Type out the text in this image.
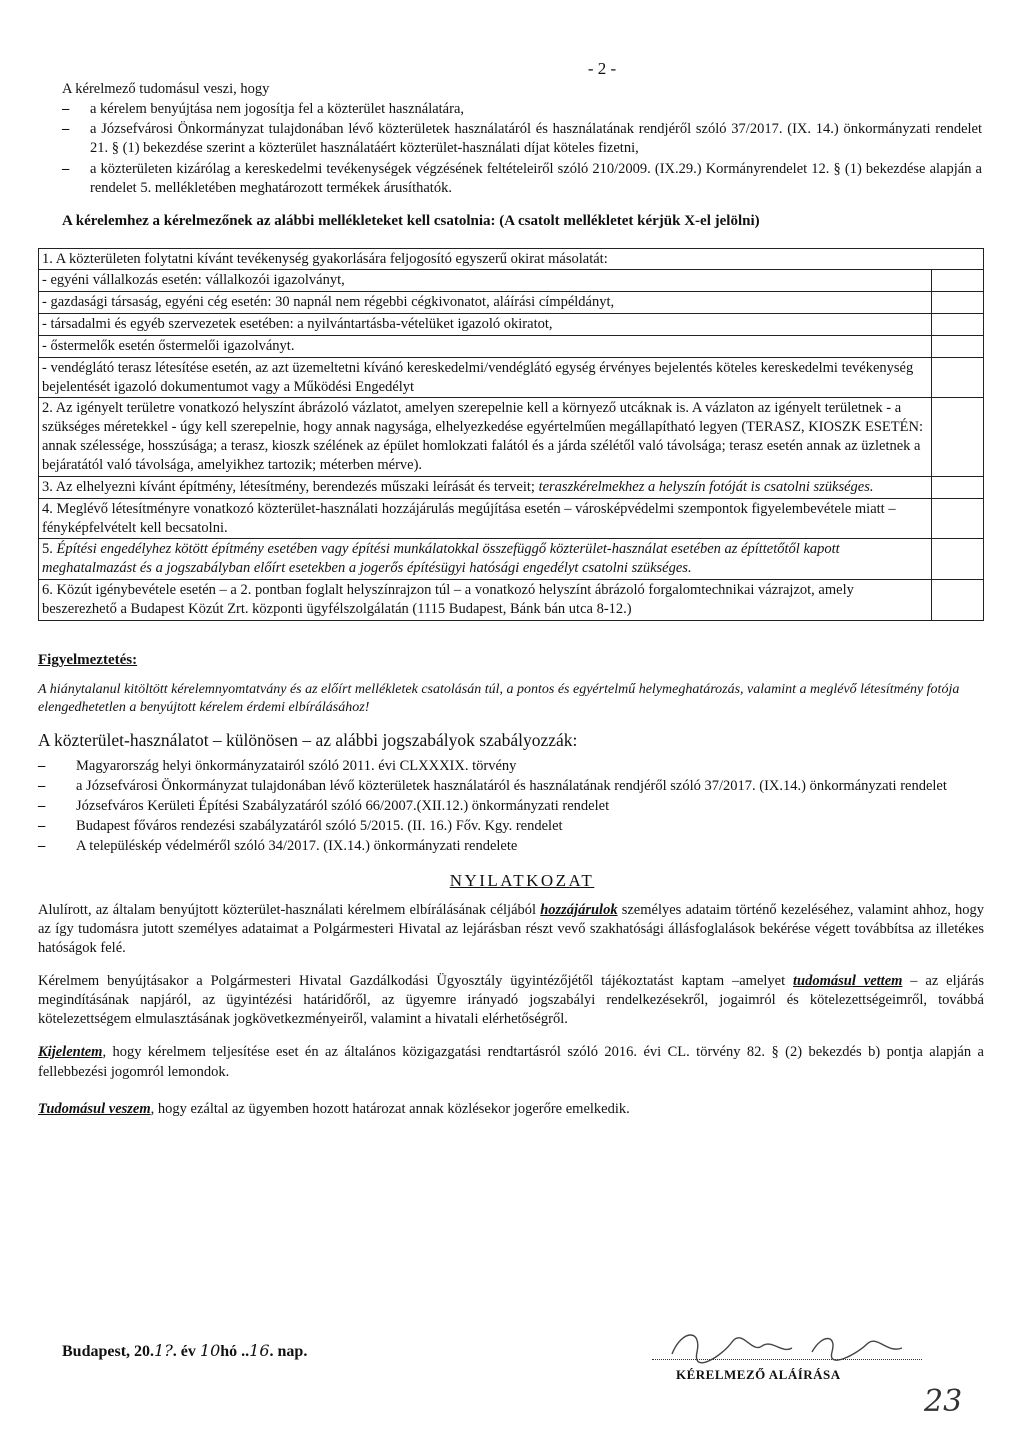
- 2 -

A kérelmező tudomásul veszi, hogy

– a kérelem benyújtása nem jogosítja fel a közterület használatára,
– a Józsefvárosi Önkormányzat tulajdonában lévő közterületek használatáról és használatának rendjéről szóló 37/2017. (IX. 14.) önkormányzati rendelet 21. § (1) bekezdése szerint a közterület használatáért közterület-használati díjat köteles fizetni,
– a közterületen kizárólag a kereskedelmi tevékenységek végzésének feltételeiről szóló 210/2009. (IX.29.) Kormányrendelet 12. § (1) bekezdése alapján a rendelet 5. mellékletében meghatározott termékek árusíthatók.

A kérelemhez a kérelmezőnek az alábbi mellékleteket kell csatolnia: (A csatolt mellékletet kérjük X-el jelölni)

1. A közterületen folytatni kívánt tevékenység gyakorlására feljogosító egyszerű okirat másolatát:	
- egyéni vállalkozás esetén: vállalkozói igazolványt,	
- gazdasági társaság, egyéni cég esetén: 30 napnál nem régebbi cégkivonatot, aláírási címpéldányt,	
- társadalmi és egyéb szervezetek esetében: a nyilvántartásba-vételüket igazoló okiratot,	
- őstermelők esetén őstermelői igazolványt.	
- vendéglátó terasz létesítése esetén, az azt üzemeltetni kívánó kereskedelmi/vendéglátó egység érvényes bejelentés köteles kereskedelmi tevékenység bejelentését igazoló dokumentumot vagy a Működési Engedélyt	
2. Az igényelt területre vonatkozó helyszínt ábrázoló vázlatot, amelyen szerepelnie kell a környező utcáknak is. A vázlaton az igényelt területnek - a szükséges méretekkel - úgy kell szerepelnie, hogy annak nagysága, elhelyezkedése egyértelműen megállapítható legyen (TERASZ, KIOSZK ESETÉN: annak szélessége, hosszúsága; a terasz, kioszk szélének az épület homlokzati falától és a járda szélétől való távolsága; terasz esetén annak az üzletnek a bejáratától való távolsága, amelyikhez tartozik; méterben mérve).	
3. Az elhelyezni kívánt építmény, létesítmény, berendezés műszaki leírását és terveit; teraszkérelmekhez a helyszín fotóját is csatolni szükséges.	
4. Meglévő létesítményre vonatkozó közterület-használati hozzájárulás megújítása esetén – városképvédelmi szempontok figyelembevétele miatt – fényképfelvételt kell becsatolni.	
5. Építési engedélyhez kötött építmény esetében vagy építési munkálatokkal összefüggő közterület-használat esetében az építtetőtől kapott meghatalmazást és a jogszabályban előírt esetekben a jogerős építésügyi hatósági engedélyt csatolni szükséges.	
6. Közút igénybevétele esetén – a 2. pontban foglalt helyszínrajzon túl – a vonatkozó helyszínt ábrázoló forgalomtechnikai vázrajzot, amely beszerezhető a Budapest Közút Zrt. központi ügyfélszolgálatán (1115 Budapest, Bánk bán utca 8-12.)	

Figyelmeztetés:

A hiánytalanul kitöltött kérelemnyomtatvány és az előírt mellékletek csatolásán túl, a pontos és egyértelmű helymeghatározás, valamint a meglévő létesítmény fotója elengedhetetlen a benyújtott kérelem érdemi elbírálásához!

A közterület-használatot – különösen – az alábbi jogszabályok szabályozzák:

– Magyarország helyi önkormányzatairól szóló 2011. évi CLXXXIX. törvény
– a Józsefvárosi Önkormányzat tulajdonában lévő közterületek használatáról és használatának rendjéről szóló 37/2017. (IX.14.) önkormányzati rendelet
– Józsefváros Kerületi Építési Szabályzatáról szóló 66/2007.(XII.12.) önkormányzati rendelet
– Budapest főváros rendezési szabályzatáról szóló 5/2015. (II. 16.) Főv. Kgy. rendelet
– A településkép védelméről szóló 34/2017. (IX.14.) önkormányzati rendelete

NYILATKOZAT

Alulírott, az általam benyújtott közterület-használati kérelmem elbírálásának céljából hozzájárulok személyes adataim történő kezeléséhez, valamint ahhoz, hogy az így tudomásra jutott személyes adataimat a Polgármesteri Hivatal az lejárásban részt vevő szakhatósági állásfoglalások bekérése végett továbbítsa az illetékes hatóságok felé.

Kérelmem benyújtásakor a Polgármesteri Hivatal Gazdálkodási Ügyosztály ügyintézőjétől tájékoztatást kaptam –amelyet tudomásul vettem – az eljárás megindításának napjáról, az ügyintézési határidőről, az ügyemre irányadó jogszabályi rendelkezésekről, jogaimról és kötelezettségeimről, továbbá kötelezettségem elmulasztásának jogkövetkezményeiről, valamint a hivatali elérhetőségről.

Kijelentem, hogy kérelmem teljesítése eset én az általános közigazgatási rendtartásról szóló 2016. évi CL. törvény 82. § (2) bekezdés b) pontja alapján a fellebbezési jogomról lemondok.

Tudomásul veszem, hogy ezáltal az ügyemben hozott határozat annak közlésekor jogerőre emelkedik.

Budapest, 20.1?. év 10hó ..16. nap.
KÉRELMEZŐ ALÁÍRÁSA
23
